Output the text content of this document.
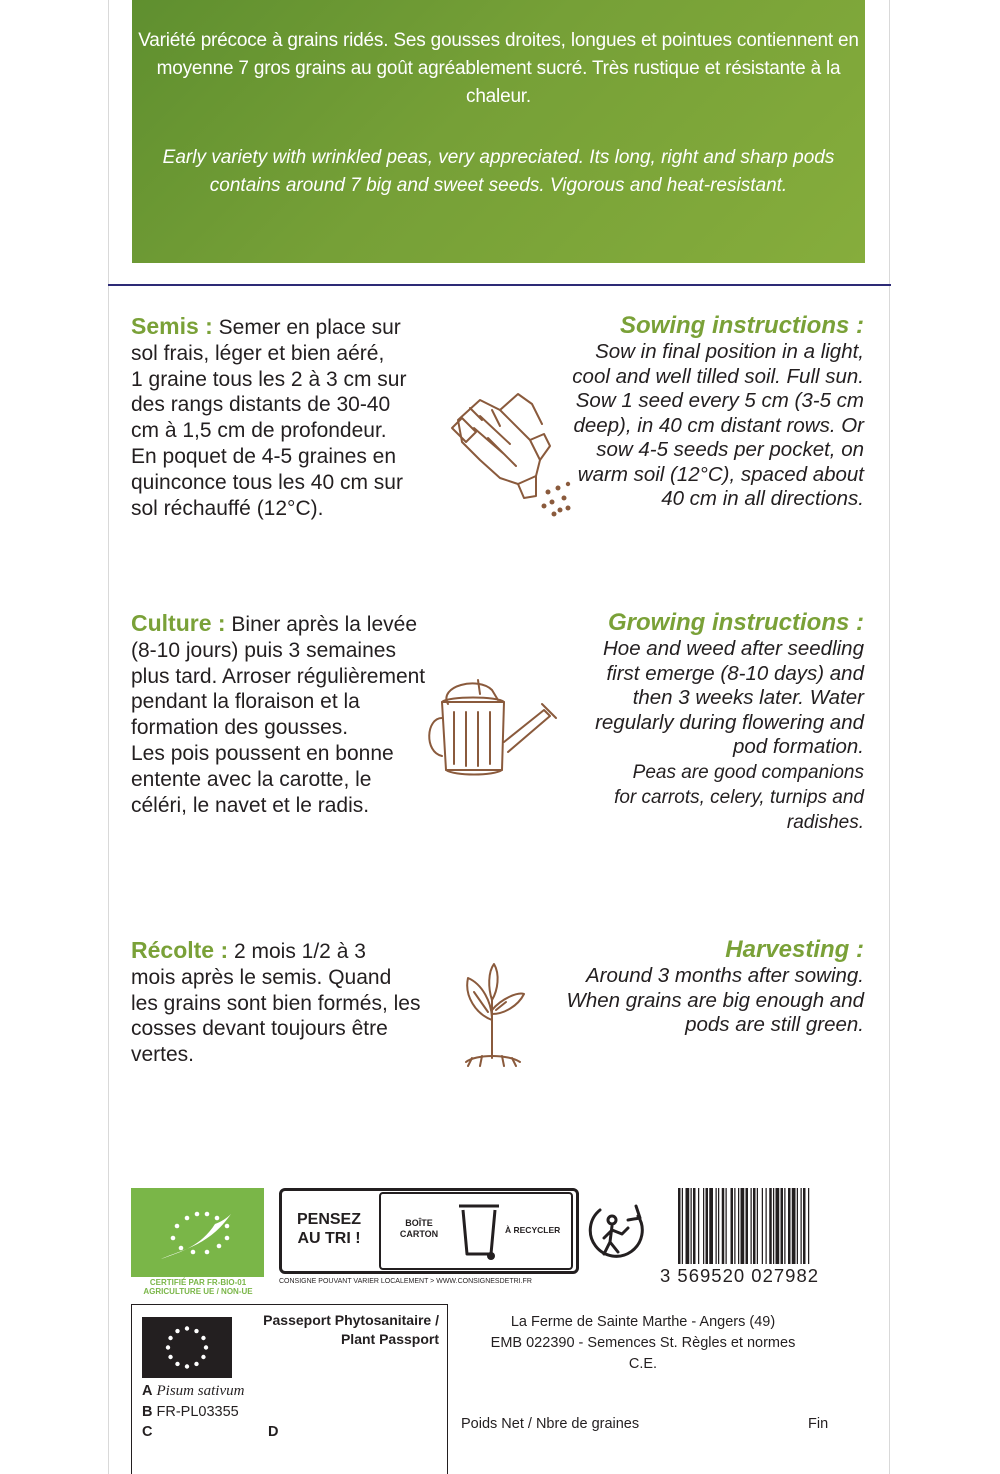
Variété précoce à grains ridés. Ses gousses droites, longues et pointues contiennent en
moyenne 7 gros grains au goût agréablement sucré. Très rustique et résistante à la chaleur.

Early variety with wrinkled peas, very appreciated. Its long, right and sharp pods
contains around 7 big and sweet seeds. Vigorous and heat-resistant.

Semis : Semer en place sur
sol frais, léger et bien aéré,
1 graine tous les 2 à 3 cm sur
des rangs distants de 30-40
cm à 1,5 cm de profondeur.
En poquet de 4-5 graines en
quinconce tous les 40 cm sur
sol réchauffé (12°C).
Sowing instructions :
Sow in final position in a light,
cool and well tilled soil. Full sun.
Sow 1 seed every 5 cm (3-5 cm
deep), in 40 cm distant rows. Or
sow 4-5 seeds per pocket, on
warm soil (12°C), spaced about
40 cm in all directions.
Culture : Biner après la levée
(8-10 jours) puis 3 semaines
plus tard. Arroser régulièrement
pendant la floraison et la
formation des gousses.
Les pois poussent en bonne
entente avec la carotte, le
céléri, le navet et le radis.
Growing instructions :
Hoe and weed after seedling
first emerge (8-10 days) and
then 3 weeks later. Water
regularly during flowering and
pod formation.
Peas are good companions
for carrots, celery, turnips and
radishes.
Récolte : 2 mois 1/2 à 3
mois après le semis. Quand
les grains sont bien formés, les
cosses devant toujours être
vertes.
Harvesting :
Around 3 months after sowing.
When grains are big enough and
pods are still green.
CERTIFIÉ PAR FR-BIO-01
AGRICULTURE UE / NON-UE
PENSEZ
AU TRI !
BOÎTE
CARTON	À RECYCLER
CONSIGNE POUVANT VARIER LOCALEMENT > WWW.CONSIGNESDETRI.FR	3 569520 027982
Passeport Phytosanitaire /
Plant Passport
A Pisum sativum
B FR-PL03355
C	D
La Ferme de Sainte Marthe - Angers (49)
EMB 022390 - Semences St. Règles et normes C.E.
Poids Net / Nbre de graines	Fin
